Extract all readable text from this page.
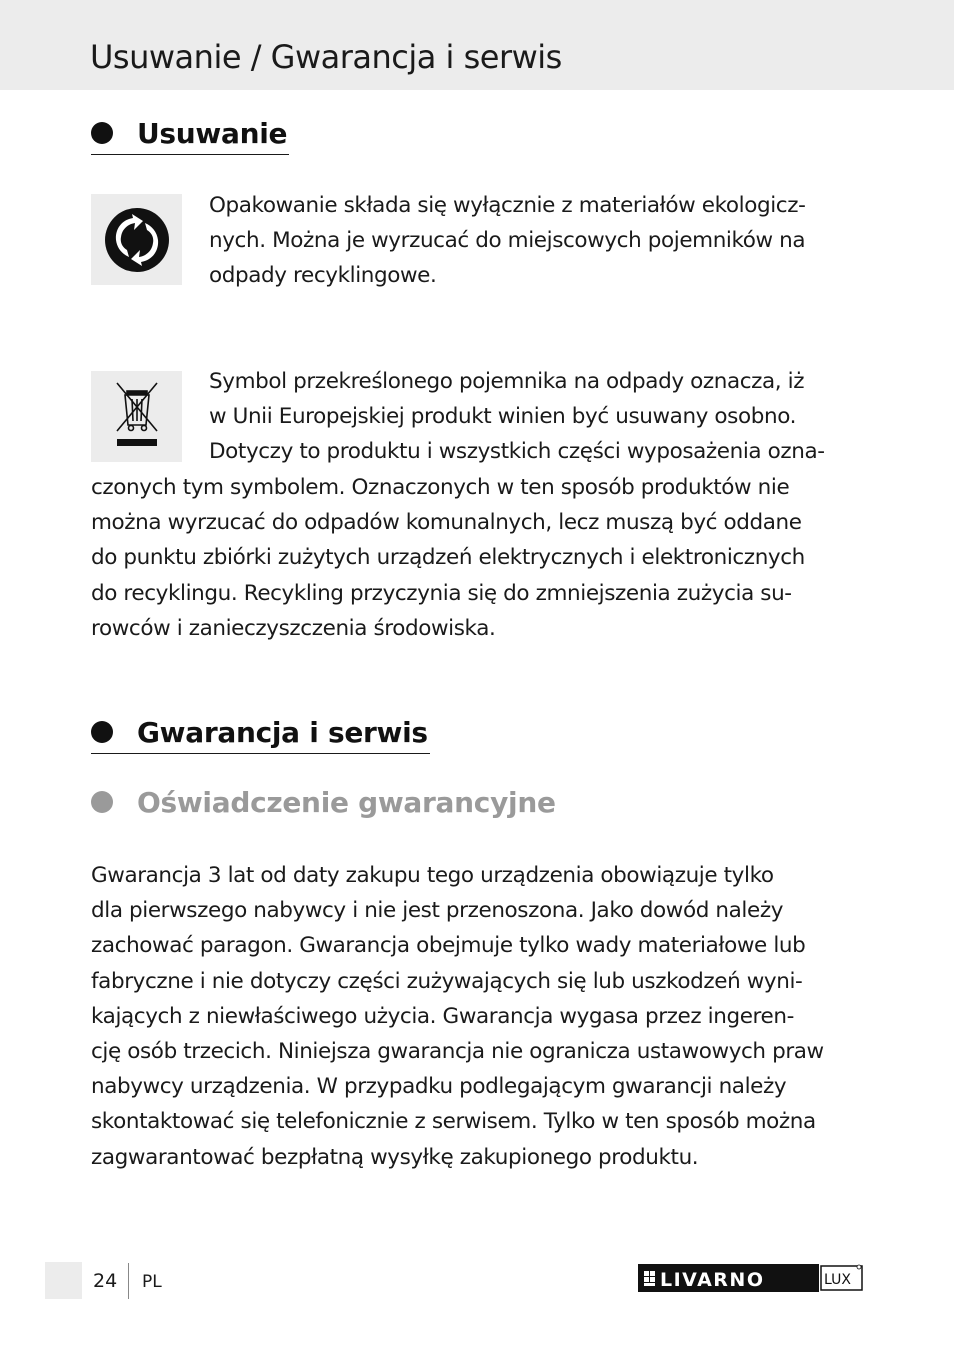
Usuwanie / Gwarancja i serwis
Usuwanie
Opakowanie składa się wyłącznie z materiałów ekologicz-
nych. Można je wyrzucać do miejscowych pojemników na
odpady recyklingowe.
Symbol przekreślonego pojemnika na odpady oznacza, iż
w Unii Europejskiej produkt winien być usuwany osobno.
Dotyczy to produktu i wszystkich części wyposażenia ozna-
czonych tym symbolem. Oznaczonych w ten sposób produktów nie
można wyrzucać do odpadów komunalnych, lecz muszą być oddane
do punktu zbiórki zużytych urządzeń elektrycznych i elektronicznych
do recyklingu. Recykling przyczynia się do zmniejszenia zużycia su-
rowców i zanieczyszczenia środowiska.
Gwarancja i serwis
Oświadczenie gwarancyjne
Gwarancja 3 lat od daty zakupu tego urządzenia obowiązuje tylko
dla pierwszego nabywcy i nie jest przenoszona. Jako dowód należy
zachować paragon. Gwarancja obejmuje tylko wady materiałowe lub
fabryczne i nie dotyczy części zużywających się lub uszkodzeń wyni-
kających z niewłaściwego użycia. Gwarancja wygasa przez ingeren-
cję osób trzecich. Niniejsza gwarancja nie ogranicza ustawowych praw
nabywcy urządzenia. W przypadku podlegającym gwarancji należy
skontaktować się telefonicznie z serwisem. Tylko w ten sposób można
zagwarantować bezpłatną wysyłkę zakupionego produktu.
24 PL	LIVARNO	LUX
